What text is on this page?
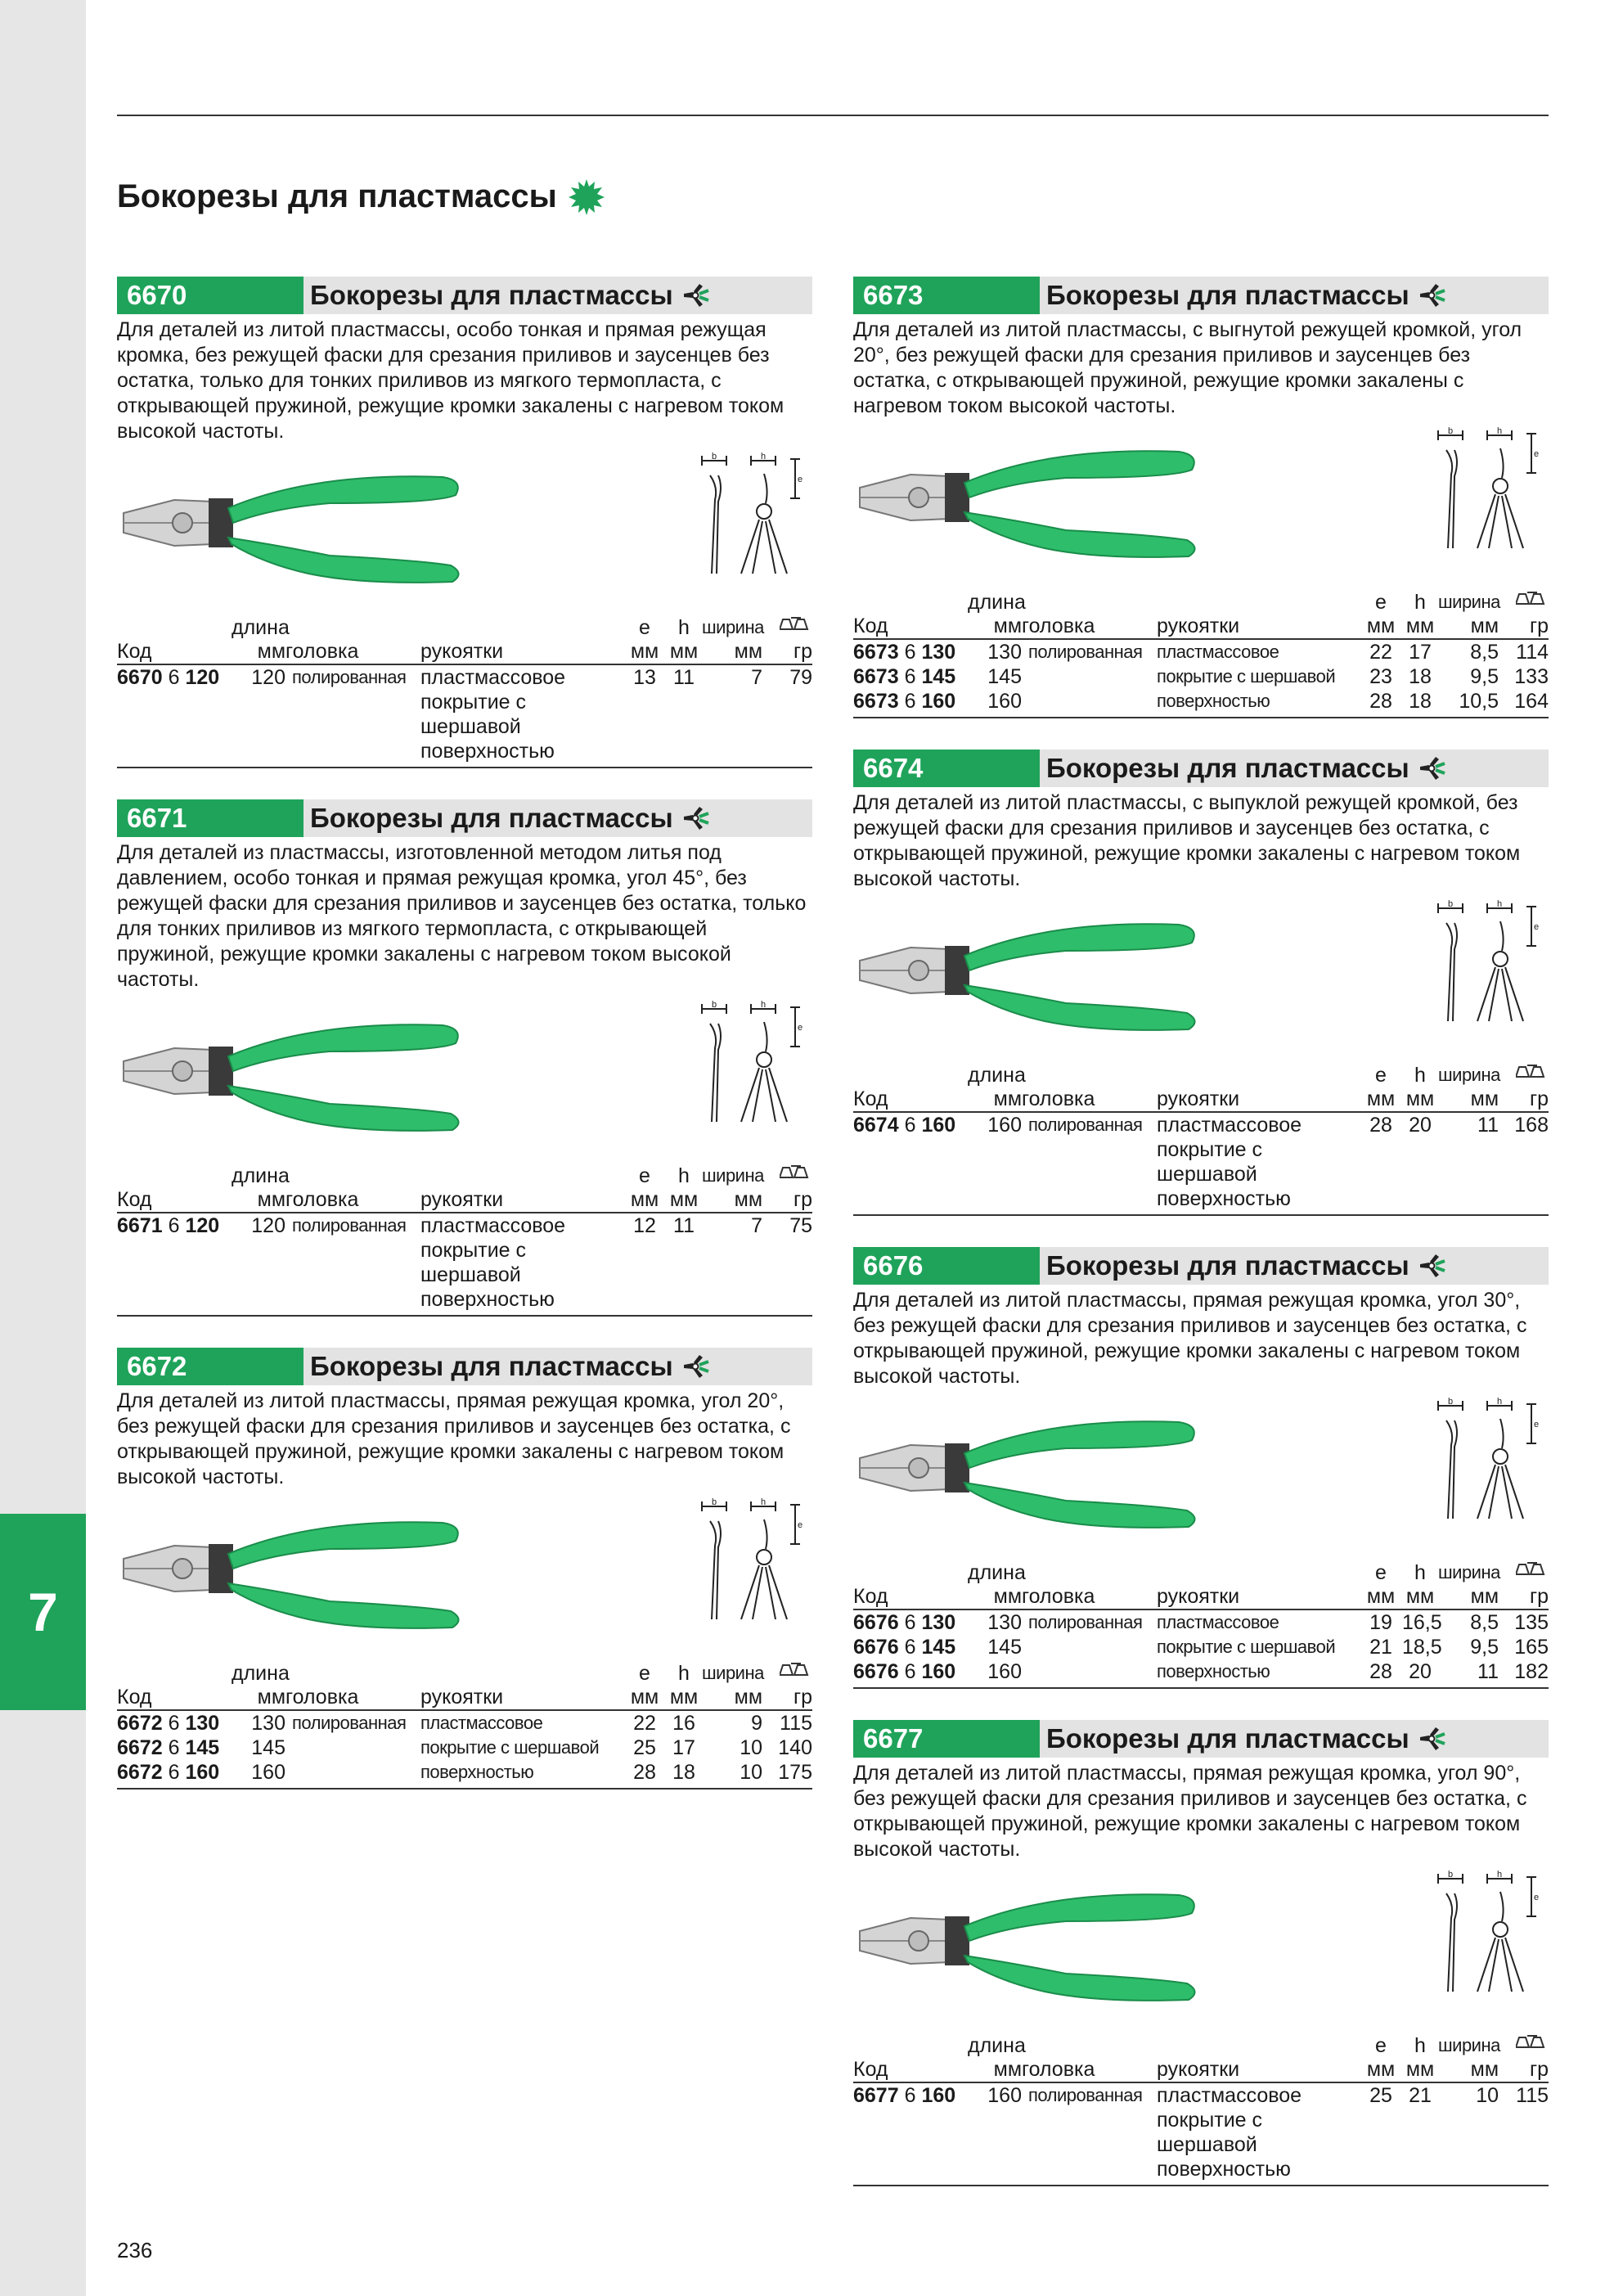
7
Бокорезы для пластмассы
6670	Бокорезы для пластмассы
Для деталей из литой пластмассы, особо тонкая и прямая режущая кромка, без режущей фаски для срезания приливов и заусенцев без остатка, только для тонких приливов из мягкого термопласта, с открывающей пружиной, режущие кромки закалены с нагревом током высокой частоты.
b	h
e
	длина			e	h	ширина	
Код	мм	головка	рукоятки	мм	мм	мм	гр
6670 6 120	120	полированная	пластмассовое покрытие с шершавой поверхностью	13	11	7	79
6671	Бокорезы для пластмассы
Для деталей из пластмассы, изготовленной методом литья под давлением, особо тонкая и прямая режущая кромка, угол 45°, без режущей фаски для срезания приливов и заусенцев без остатка, только для тонких приливов из мягкого термопласта, с открывающей пружиной, режущие кромки закалены с нагревом током высокой частоты.
b	h
e
	длина			e	h	ширина	
Код	мм	головка	рукоятки	мм	мм	мм	гр
6671 6 120	120	полированная	пластмассовое покрытие с шершавой поверхностью	12	11	7	75
6672	Бокорезы для пластмассы
Для деталей из литой пластмассы, прямая режущая кромка, угол 20°, без режущей фаски для срезания приливов и заусенцев без остатка, с открывающей пружиной, режущие кромки закалены с нагревом током высокой частоты.
b	h
e
	длина			e	h	ширина	
Код	мм	головка	рукоятки	мм	мм	мм	гр
6672 6 130	130	полированная	пластмассовое	22	16	9	115
6672 6 145	145		покрытие с шершавой	25	17	10	140
6672 6 160	160		поверхностью	28	18	10	175
6673	Бокорезы для пластмассы
Для деталей из литой пластмассы, с выгнутой режущей кромкой, угол 20°, без режущей фаски для срезания приливов и заусенцев без остатка, с открывающей пружиной, режущие кромки закалены с нагревом током высокой частоты.
b	h
e
	длина			e	h	ширина	
Код	мм	головка	рукоятки	мм	мм	мм	гр
6673 6 130	130	полированная	пластмассовое	22	17	8,5	114
6673 6 145	145		покрытие с шершавой	23	18	9,5	133
6673 6 160	160		поверхностью	28	18	10,5	164
6674	Бокорезы для пластмассы
Для деталей из литой пластмассы, с выпуклой режущей кромкой, без режущей фаски для срезания приливов и заусенцев без остатка, с открывающей пружиной, режущие кромки закалены с нагревом током высокой частоты.
b	h
e
	длина			e	h	ширина	
Код	мм	головка	рукоятки	мм	мм	мм	гр
6674 6 160	160	полированная	пластмассовое покрытие с шершавой поверхностью	28	20	11	168
6676	Бокорезы для пластмассы
Для деталей из литой пластмассы, прямая режущая кромка, угол 30°, без режущей фаски для срезания приливов и заусенцев без остатка, с открывающей пружиной, режущие кромки закалены с нагревом током высокой частоты.
b	h
e
	длина			e	h	ширина	
Код	мм	головка	рукоятки	мм	мм	мм	гр
6676 6 130	130	полированная	пластмассовое	19	16,5	8,5	135
6676 6 145	145		покрытие с шершавой	21	18,5	9,5	165
6676 6 160	160		поверхностью	28	20	11	182
6677	Бокорезы для пластмассы
Для деталей из литой пластмассы, прямая режущая кромка, угол 90°, без режущей фаски для срезания приливов и заусенцев без остатка, с открывающей пружиной, режущие кромки закалены с нагревом током высокой частоты.
b	h
e
	длина			e	h	ширина	
Код	мм	головка	рукоятки	мм	мм	мм	гр
6677 6 160	160	полированная	пластмассовое покрытие с шершавой поверхностью	25	21	10	115
236
